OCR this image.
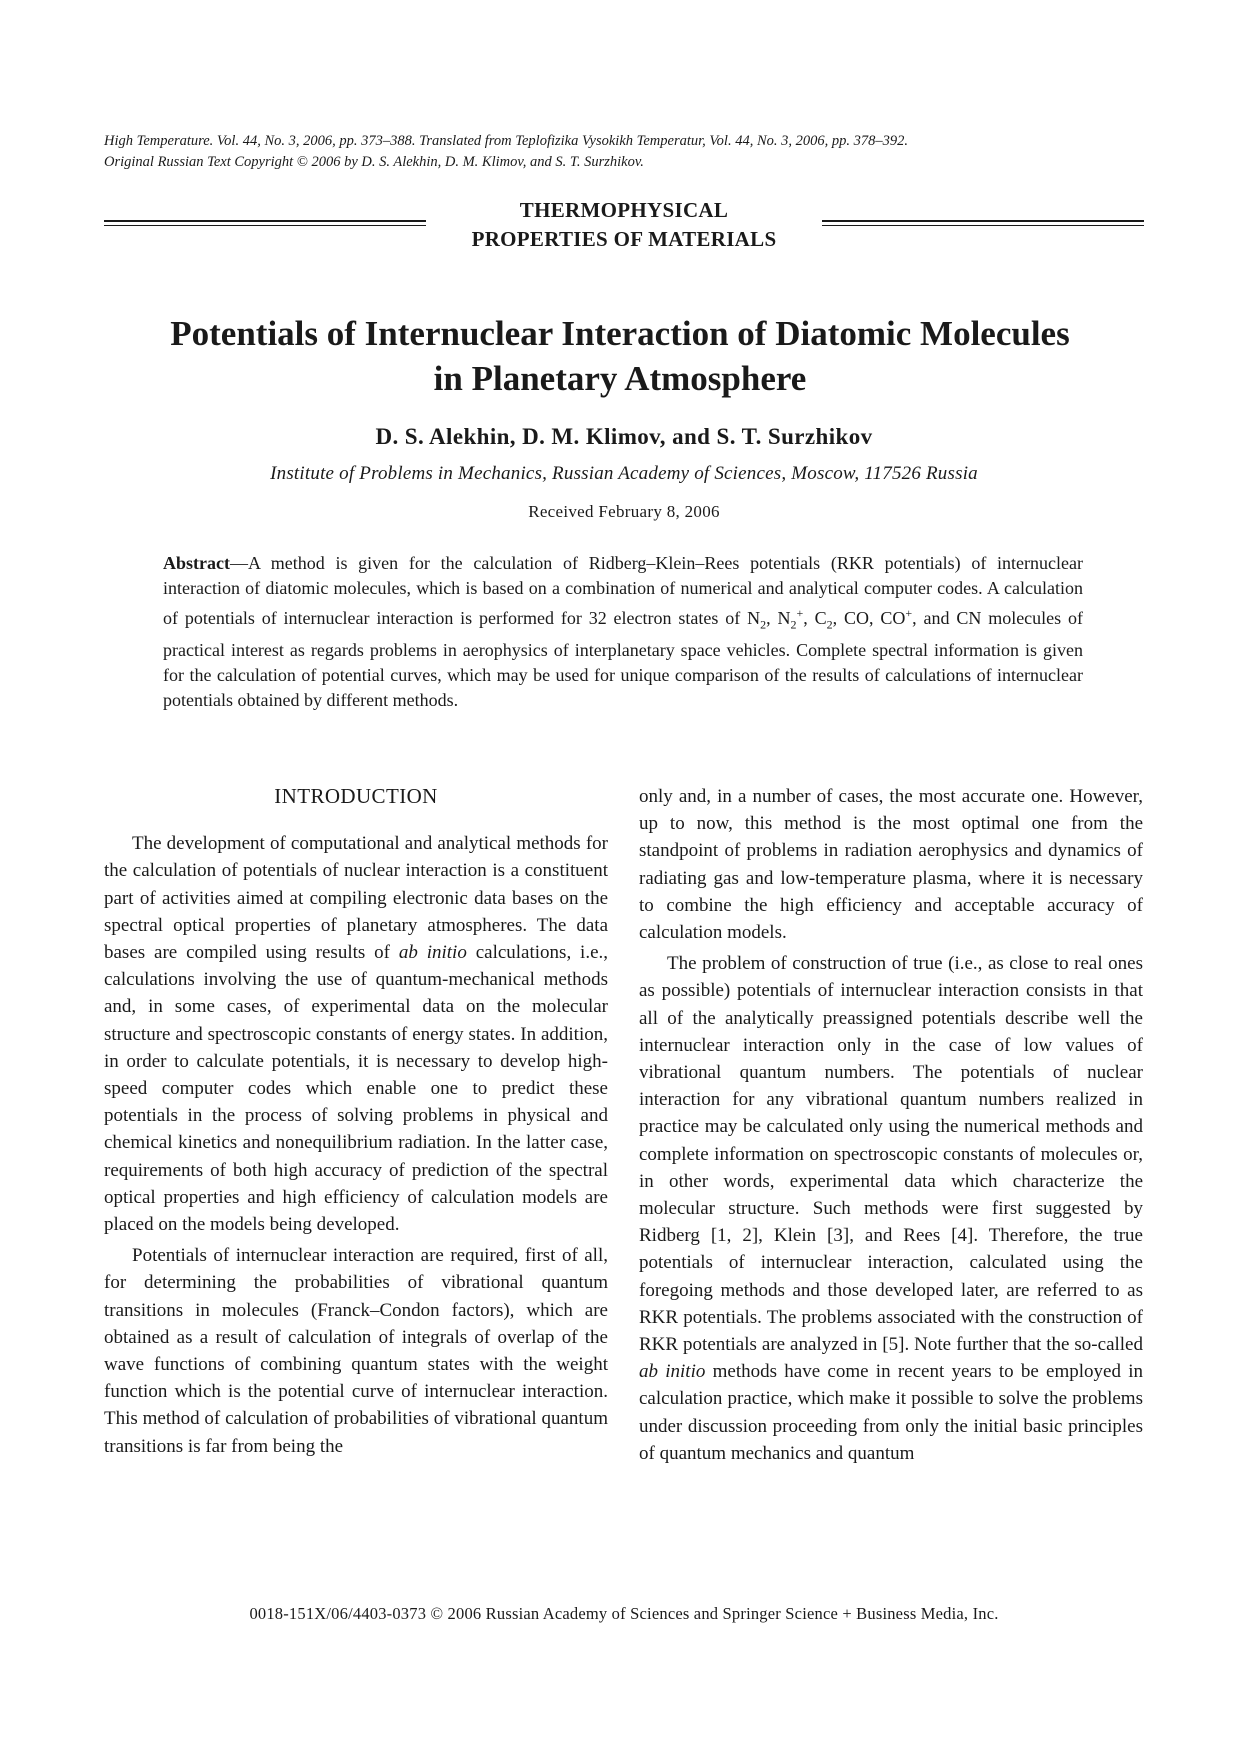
High Temperature. Vol. 44, No. 3, 2006, pp. 373–388. Translated from Teplofizika Vysokikh Temperatur, Vol. 44, No. 3, 2006, pp. 378–392.
Original Russian Text Copyright © 2006 by D. S. Alekhin, D. M. Klimov, and S. T. Surzhikov.
THERMOPHYSICAL
PROPERTIES OF MATERIALS
Potentials of Internuclear Interaction of Diatomic Molecules
in Planetary Atmosphere
D. S. Alekhin, D. M. Klimov, and S. T. Surzhikov
Institute of Problems in Mechanics, Russian Academy of Sciences, Moscow, 117526 Russia
Received February 8, 2006
Abstract—A method is given for the calculation of Ridberg–Klein–Rees potentials (RKR potentials) of internuclear interaction of diatomic molecules, which is based on a combination of numerical and analytical computer codes. A calculation of potentials of internuclear interaction is performed for 32 electron states of $N_2$, $N_2^+$, $C_2$, CO, CO+, and CN molecules of practical interest as regards problems in aerophysics of interplanetary space vehicles. Complete spectral information is given for the calculation of potential curves, which may be used for unique comparison of the results of calculations of internuclear potentials obtained by different methods.
INTRODUCTION

The development of computational and analytical methods for the calculation of potentials of nuclear interaction is a constituent part of activities aimed at compiling electronic data bases on the spectral optical properties of planetary atmospheres. The data bases are compiled using results of ab initio calculations, i.e., calculations involving the use of quantum-mechanical methods and, in some cases, of experimental data on the molecular structure and spectroscopic constants of energy states. In addition, in order to calculate potentials, it is necessary to develop high-speed computer codes which enable one to predict these potentials in the process of solving problems in physical and chemical kinetics and nonequilibrium radiation. In the latter case, requirements of both high accuracy of prediction of the spectral optical properties and high efficiency of calculation models are placed on the models being developed.

Potentials of internuclear interaction are required, first of all, for determining the probabilities of vibrational quantum transitions in molecules (Franck–Condon factors), which are obtained as a result of calculation of integrals of overlap of the wave functions of combining quantum states with the weight function which is the potential curve of internuclear interaction. This method of calculation of probabilities of vibrational quantum transitions is far from being the

only and, in a number of cases, the most accurate one. However, up to now, this method is the most optimal one from the standpoint of problems in radiation aerophysics and dynamics of radiating gas and low-temperature plasma, where it is necessary to combine the high efficiency and acceptable accuracy of calculation models.

The problem of construction of true (i.e., as close to real ones as possible) potentials of internuclear interaction consists in that all of the analytically preassigned potentials describe well the internuclear interaction only in the case of low values of vibrational quantum numbers. The potentials of nuclear interaction for any vibrational quantum numbers realized in practice may be calculated only using the numerical methods and complete information on spectroscopic constants of molecules or, in other words, experimental data which characterize the molecular structure. Such methods were first suggested by Ridberg [1, 2], Klein [3], and Rees [4]. Therefore, the true potentials of internuclear interaction, calculated using the foregoing methods and those developed later, are referred to as RKR potentials. The problems associated with the construction of RKR potentials are analyzed in [5]. Note further that the so-called ab initio methods have come in recent years to be employed in calculation practice, which make it possible to solve the problems under discussion proceeding from only the initial basic principles of quantum mechanics and quantum

0018-151X/06/4403-0373 © 2006 Russian Academy of Sciences and Springer Science + Business Media, Inc.
